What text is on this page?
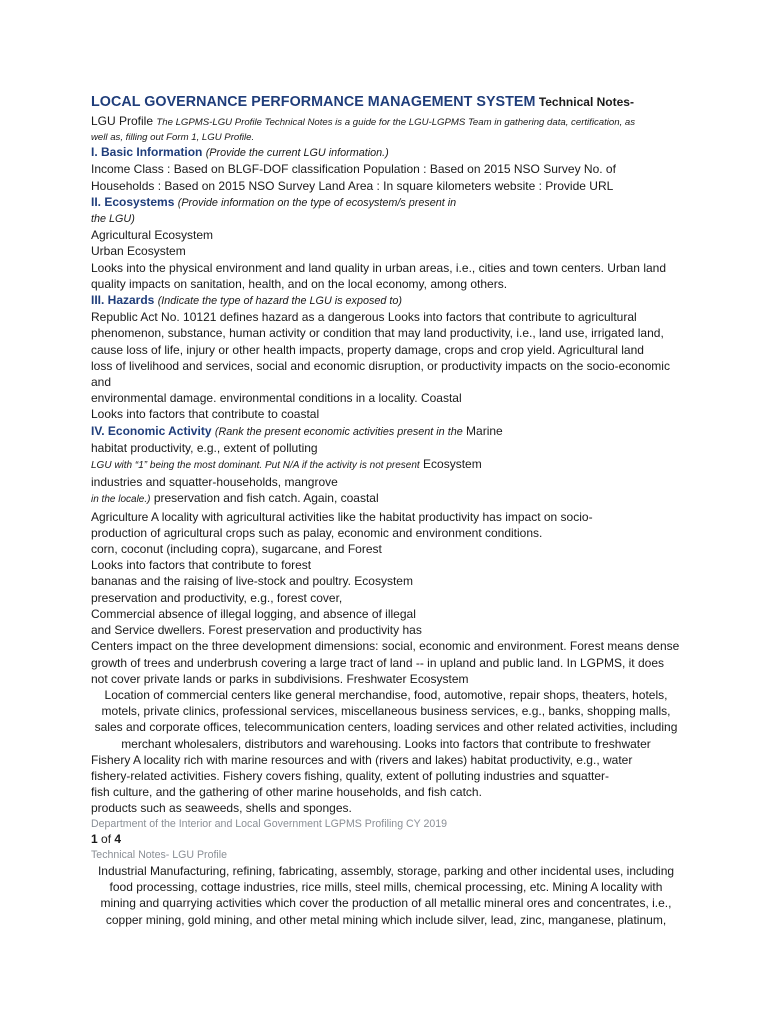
LOCAL GOVERNANCE PERFORMANCE MANAGEMENT SYSTEM Technical Notes-
LGU Profile The LGPMS-LGU Profile Technical Notes is a guide for the LGU-LGPMS Team in gathering data, certification, as
well as, filling out Form 1, LGU Profile.
I. Basic Information (Provide the current LGU information.)
Income Class : Based on BLGF-DOF classification Population : Based on 2015 NSO Survey No. of
Households : Based on 2015 NSO Survey Land Area : In square kilometers website : Provide URL
II. Ecosystems (Provide information on the type of ecosystem/s present in
the LGU)
Agricultural Ecosystem
Urban Ecosystem
Looks into the physical environment and land quality in urban areas, i.e., cities and town centers. Urban land
quality impacts on sanitation, health, and on the local economy, among others.
III. Hazards (Indicate the type of hazard the LGU is exposed to)
Republic Act No. 10121 defines hazard as a dangerous Looks into factors that contribute to agricultural
phenomenon, substance, human activity or condition that may land productivity, i.e., land use, irrigated land,
cause loss of life, injury or other health impacts, property damage, crops and crop yield. Agricultural land
loss of livelihood and services, social and economic disruption, or productivity impacts on the socio-economic
and
environmental damage. environmental conditions in a locality. Coastal
Looks into factors that contribute to coastal
IV. Economic Activity (Rank the present economic activities present in the Marine
habitat productivity, e.g., extent of polluting
LGU with “1” being the most dominant. Put N/A if the activity is not present Ecosystem
industries and squatter-households, mangrove
in the locale.) preservation and fish catch. Again, coastal
Agriculture A locality with agricultural activities like the habitat productivity has impact on socio-
production of agricultural crops such as palay, economic and environment conditions.
corn, coconut (including copra), sugarcane, and Forest
Looks into factors that contribute to forest
bananas and the raising of live-stock and poultry. Ecosystem
preservation and productivity, e.g., forest cover,
Commercial absence of illegal logging, and absence of illegal
and Service dwellers. Forest preservation and productivity has
Centers impact on the three development dimensions: social, economic and environment. Forest means dense
growth of trees and underbrush covering a large tract of land -- in upland and public land. In LGPMS, it does
not cover private lands or parks in subdivisions. Freshwater Ecosystem
Location of commercial centers like general merchandise, food, automotive, repair shops, theaters, hotels,
motels, private clinics, professional services, miscellaneous business services, e.g., banks, shopping malls,
sales and corporate offices, telecommunication centers, loading services and other related activities, including
merchant wholesalers, distributors and warehousing. Looks into factors that contribute to freshwater
Fishery A locality rich with marine resources and with (rivers and lakes) habitat productivity, e.g., water
fishery-related activities. Fishery covers fishing, quality, extent of polluting industries and squatter-
fish culture, and the gathering of other marine households, and fish catch.
products such as seaweeds, shells and sponges.
Department of the Interior and Local Government LGPMS Profiling CY 2019
1 of 4
Technical Notes- LGU Profile
Industrial Manufacturing, refining, fabricating, assembly, storage, parking and other incidental uses, including
food processing, cottage industries, rice mills, steel mills, chemical processing, etc. Mining A locality with
mining and quarrying activities which cover the production of all metallic mineral ores and concentrates, i.e.,
copper mining, gold mining, and other metal mining which include silver, lead, zinc, manganese, platinum,
